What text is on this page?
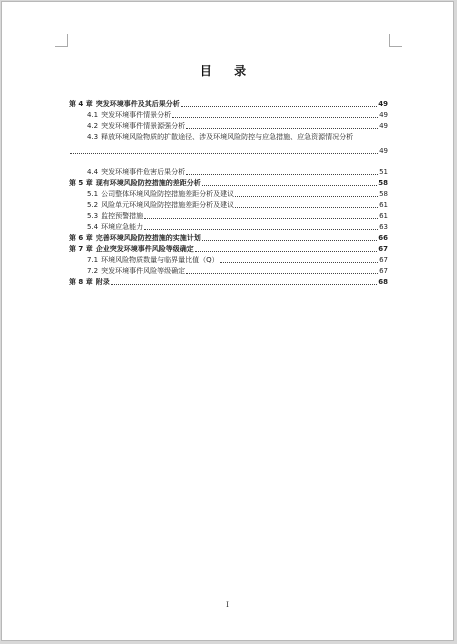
目 录
第 4 章 突发环境事件及其后果分析	49
4.1 突发环境事件情景分析	49
4.2 突发环境事件情景源强分析	49
4.3 释放环境风险物质的扩散途径、涉及环境风险防控与应急措施、应急资源情况分析
49
4.4 突发环境事件危害后果分析	51
第 5 章 现有环境风险防控措施的差距分析	58
5.1 公司整体环境风险防控措施差距分析及建议	58
5.2 风险单元环境风险防控措施差距分析及建议	61
5.3 监控预警措施	61
5.4 环境应急能力	63
第 6 章 完善环境风险防控措施的实施计划	66
第 7 章 企业突发环境事件风险等级确定	67
7.1 环境风险物质数量与临界量比值（Q）	67
7.2 突发环境事件风险等级确定	67
第 8 章 附录	68
I
